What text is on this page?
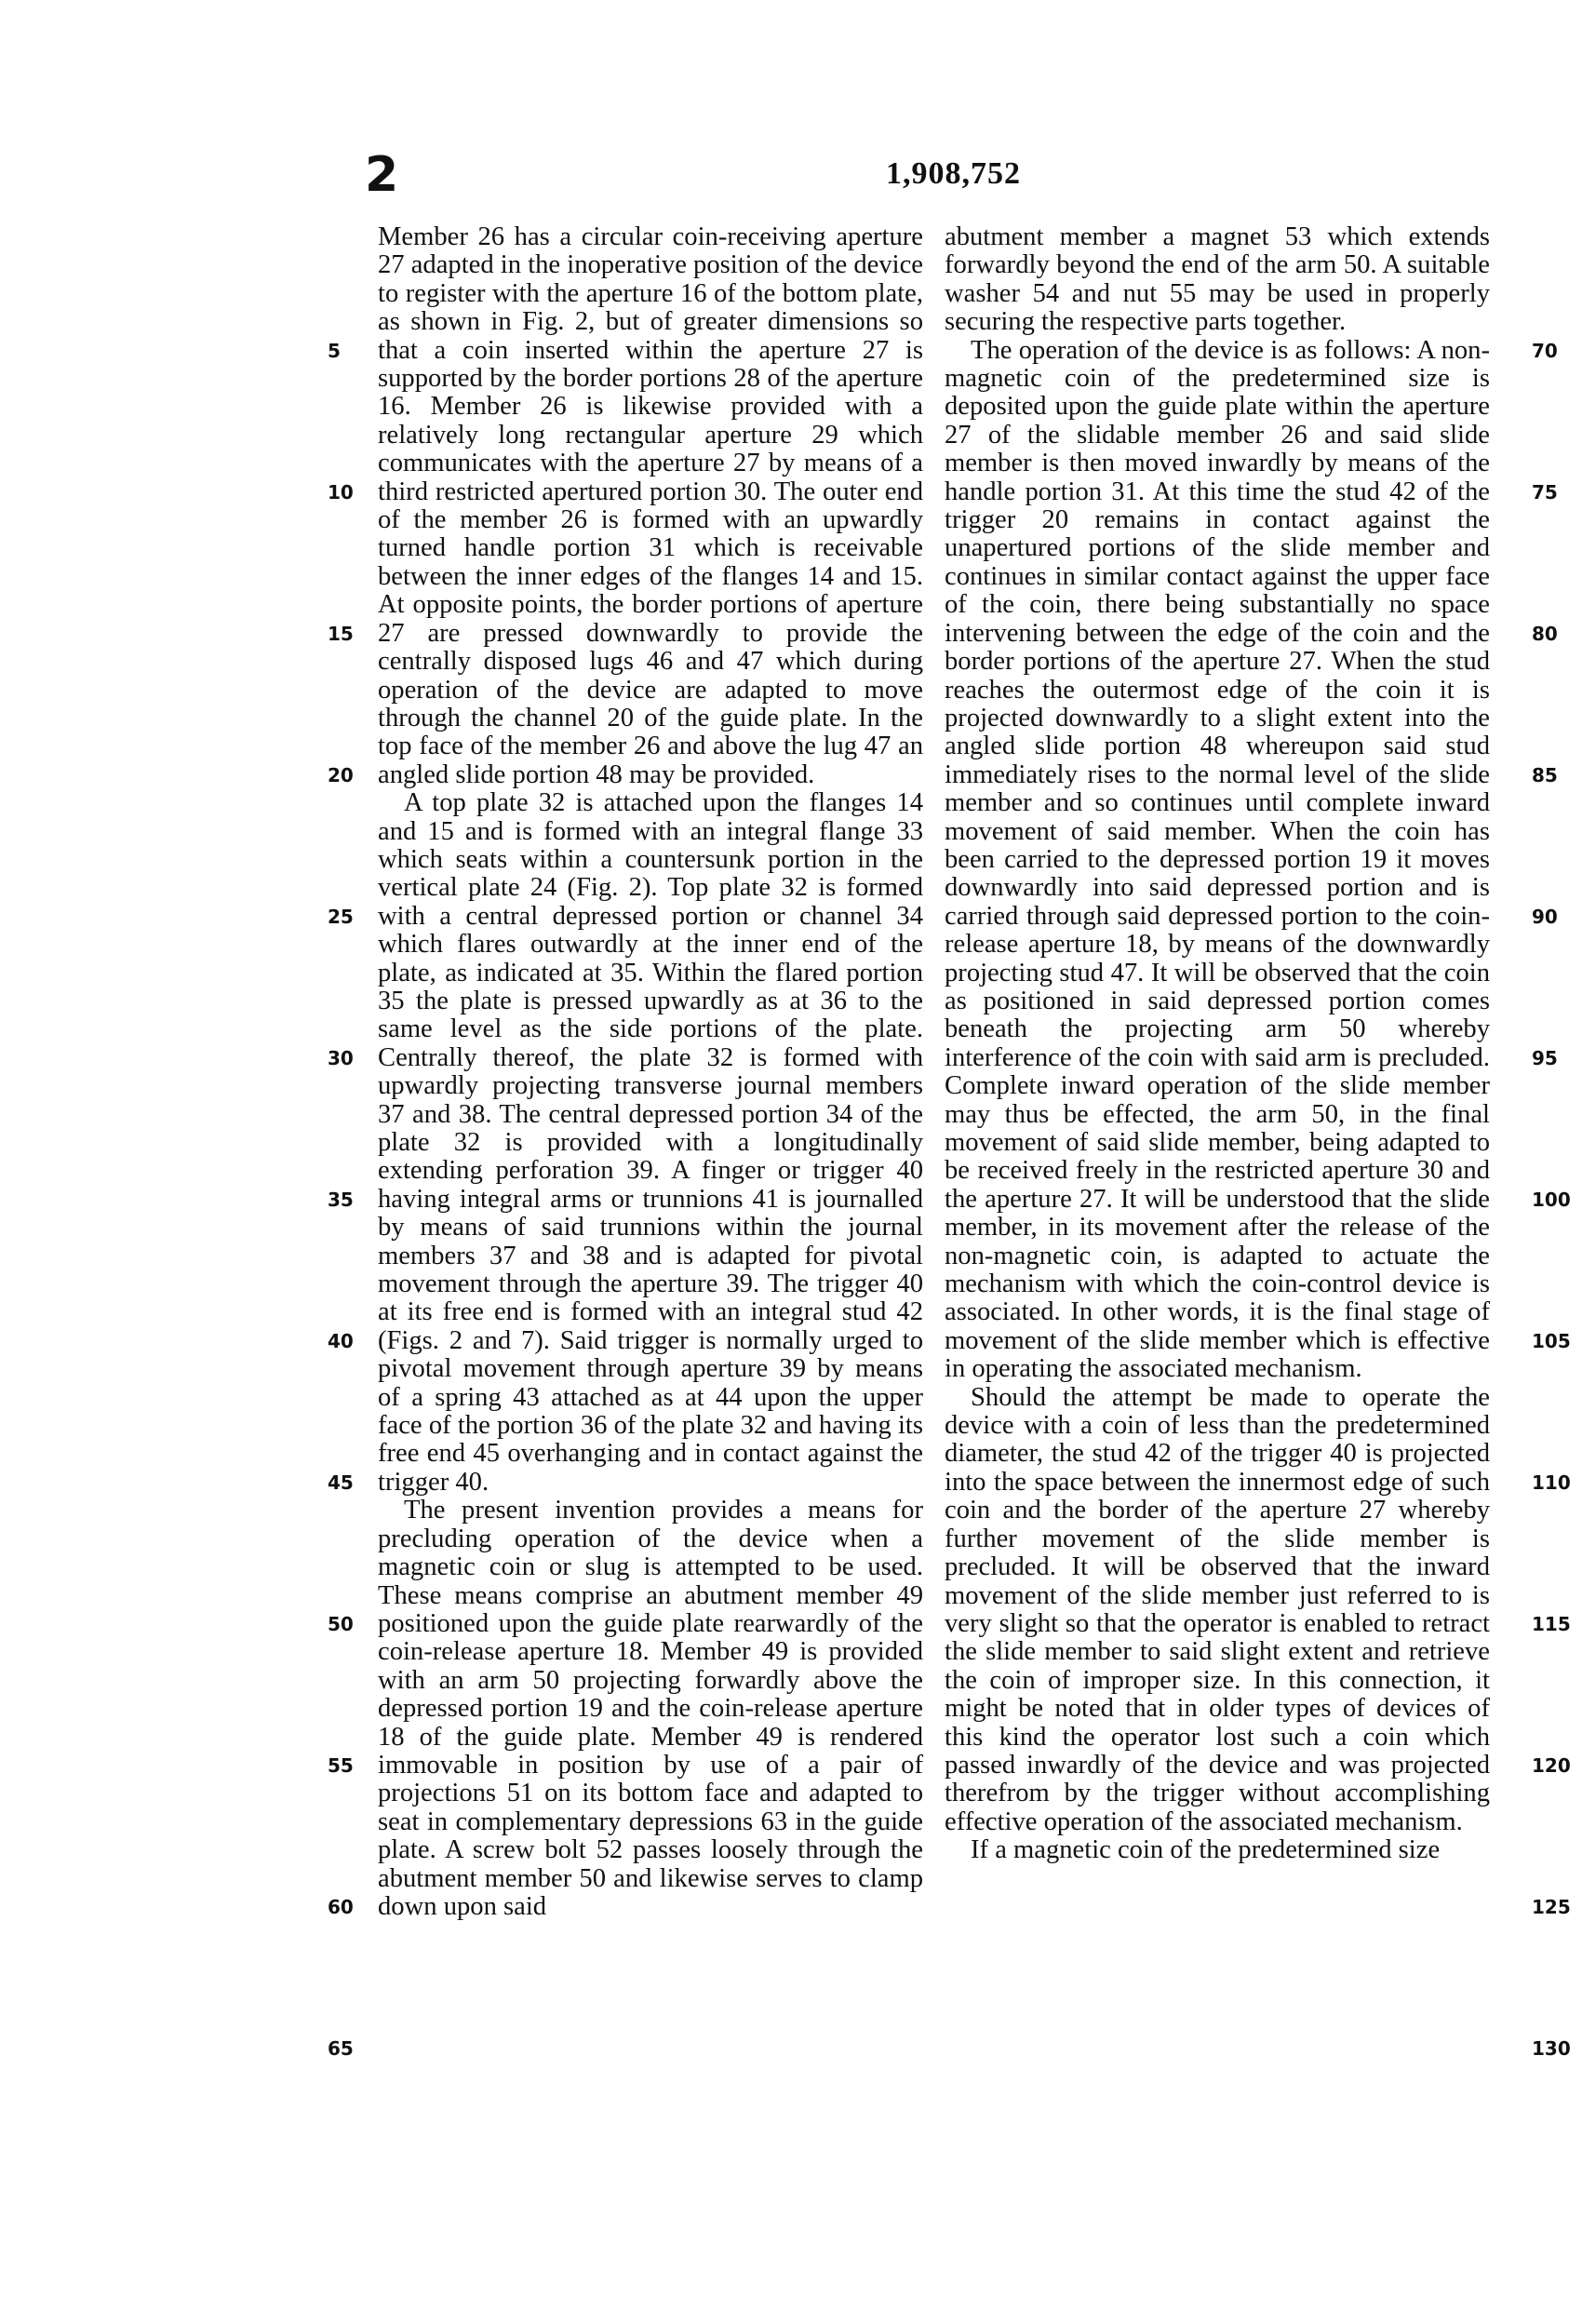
2	1,908,752

Member 26 has a circular coin-receiving aperture 27 adapted in the inoperative position of the device to register with the aperture 16 of the bottom plate, as shown in Fig. 2, but of greater dimensions so that a coin inserted within the aperture 27 is supported by the border portions 28 of the aperture 16. Member 26 is likewise provided with a relatively long rectangular aperture 29 which communicates with the aperture 27 by means of a third restricted apertured portion 30. The outer end of the member 26 is formed with an upwardly turned handle portion 31 which is receivable between the inner edges of the flanges 14 and 15. At opposite points, the border portions of aperture 27 are pressed downwardly to provide the centrally disposed lugs 46 and 47 which during operation of the device are adapted to move through the channel 20 of the guide plate. In the top face of the member 26 and above the lug 47 an angled slide portion 48 may be provided.

A top plate 32 is attached upon the flanges 14 and 15 and is formed with an integral flange 33 which seats within a countersunk portion in the vertical plate 24 (Fig. 2). Top plate 32 is formed with a central depressed portion or channel 34 which flares outwardly at the inner end of the plate, as indicated at 35. Within the flared portion 35 the plate is pressed upwardly as at 36 to the same level as the side portions of the plate. Centrally thereof, the plate 32 is formed with upwardly projecting transverse journal members 37 and 38. The central depressed portion 34 of the plate 32 is provided with a longitudinally extending perforation 39. A finger or trigger 40 having integral arms or trunnions 41 is journalled by means of said trunnions within the journal members 37 and 38 and is adapted for pivotal movement through the aperture 39. The trigger 40 at its free end is formed with an integral stud 42 (Figs. 2 and 7). Said trigger is normally urged to pivotal movement through aperture 39 by means of a spring 43 attached as at 44 upon the upper face of the portion 36 of the plate 32 and having its free end 45 overhanging and in contact against the trigger 40.

The present invention provides a means for precluding operation of the device when a magnetic coin or slug is attempted to be used. These means comprise an abutment member 49 positioned upon the guide plate rearwardly of the coin-release aperture 18. Member 49 is provided with an arm 50 projecting forwardly above the depressed portion 19 and the coin-release aperture 18 of the guide plate. Member 49 is rendered immovable in position by use of a pair of projections 51 on its bottom face and adapted to seat in complementary depressions 63 in the guide plate. A screw bolt 52 passes loosely through the abutment member 50 and likewise serves to clamp down upon said

abutment member a magnet 53 which extends forwardly beyond the end of the arm 50. A suitable washer 54 and nut 55 may be used in properly securing the respective parts together.

The operation of the device is as follows: A non-magnetic coin of the predetermined size is deposited upon the guide plate within the aperture 27 of the slidable member 26 and said slide member is then moved inwardly by means of the handle portion 31. At this time the stud 42 of the trigger 20 remains in contact against the unapertured portions of the slide member and continues in similar contact against the upper face of the coin, there being substantially no space intervening between the edge of the coin and the border portions of the aperture 27. When the stud reaches the outermost edge of the coin it is projected downwardly to a slight extent into the angled slide portion 48 whereupon said stud immediately rises to the normal level of the slide member and so continues until complete inward movement of said member. When the coin has been carried to the depressed portion 19 it moves downwardly into said depressed portion and is carried through said depressed portion to the coin-release aperture 18, by means of the downwardly projecting stud 47. It will be observed that the coin as positioned in said depressed portion comes beneath the projecting arm 50 whereby interference of the coin with said arm is precluded. Complete inward operation of the slide member may thus be effected, the arm 50, in the final movement of said slide member, being adapted to be received freely in the restricted aperture 30 and the aperture 27. It will be understood that the slide member, in its movement after the release of the non-magnetic coin, is adapted to actuate the mechanism with which the coin-control device is associated. In other words, it is the final stage of movement of the slide member which is effective in operating the associated mechanism.

Should the attempt be made to operate the device with a coin of less than the predetermined diameter, the stud 42 of the trigger 40 is projected into the space between the innermost edge of such coin and the border of the aperture 27 whereby further movement of the slide member is precluded. It will be observed that the inward movement of the slide member just referred to is very slight so that the operator is enabled to retract the slide member to said slight extent and retrieve the coin of improper size. In this connection, it might be noted that in older types of devices of this kind the operator lost such a coin which passed inwardly of the device and was projected therefrom by the trigger without accomplishing effective operation of the associated mechanism.

If a magnetic coin of the predetermined size

5
10
15
20
25
30
35
40
45
50
55
60
65
70
75
80
85
90
95
100
105
110
115
120
125
130
